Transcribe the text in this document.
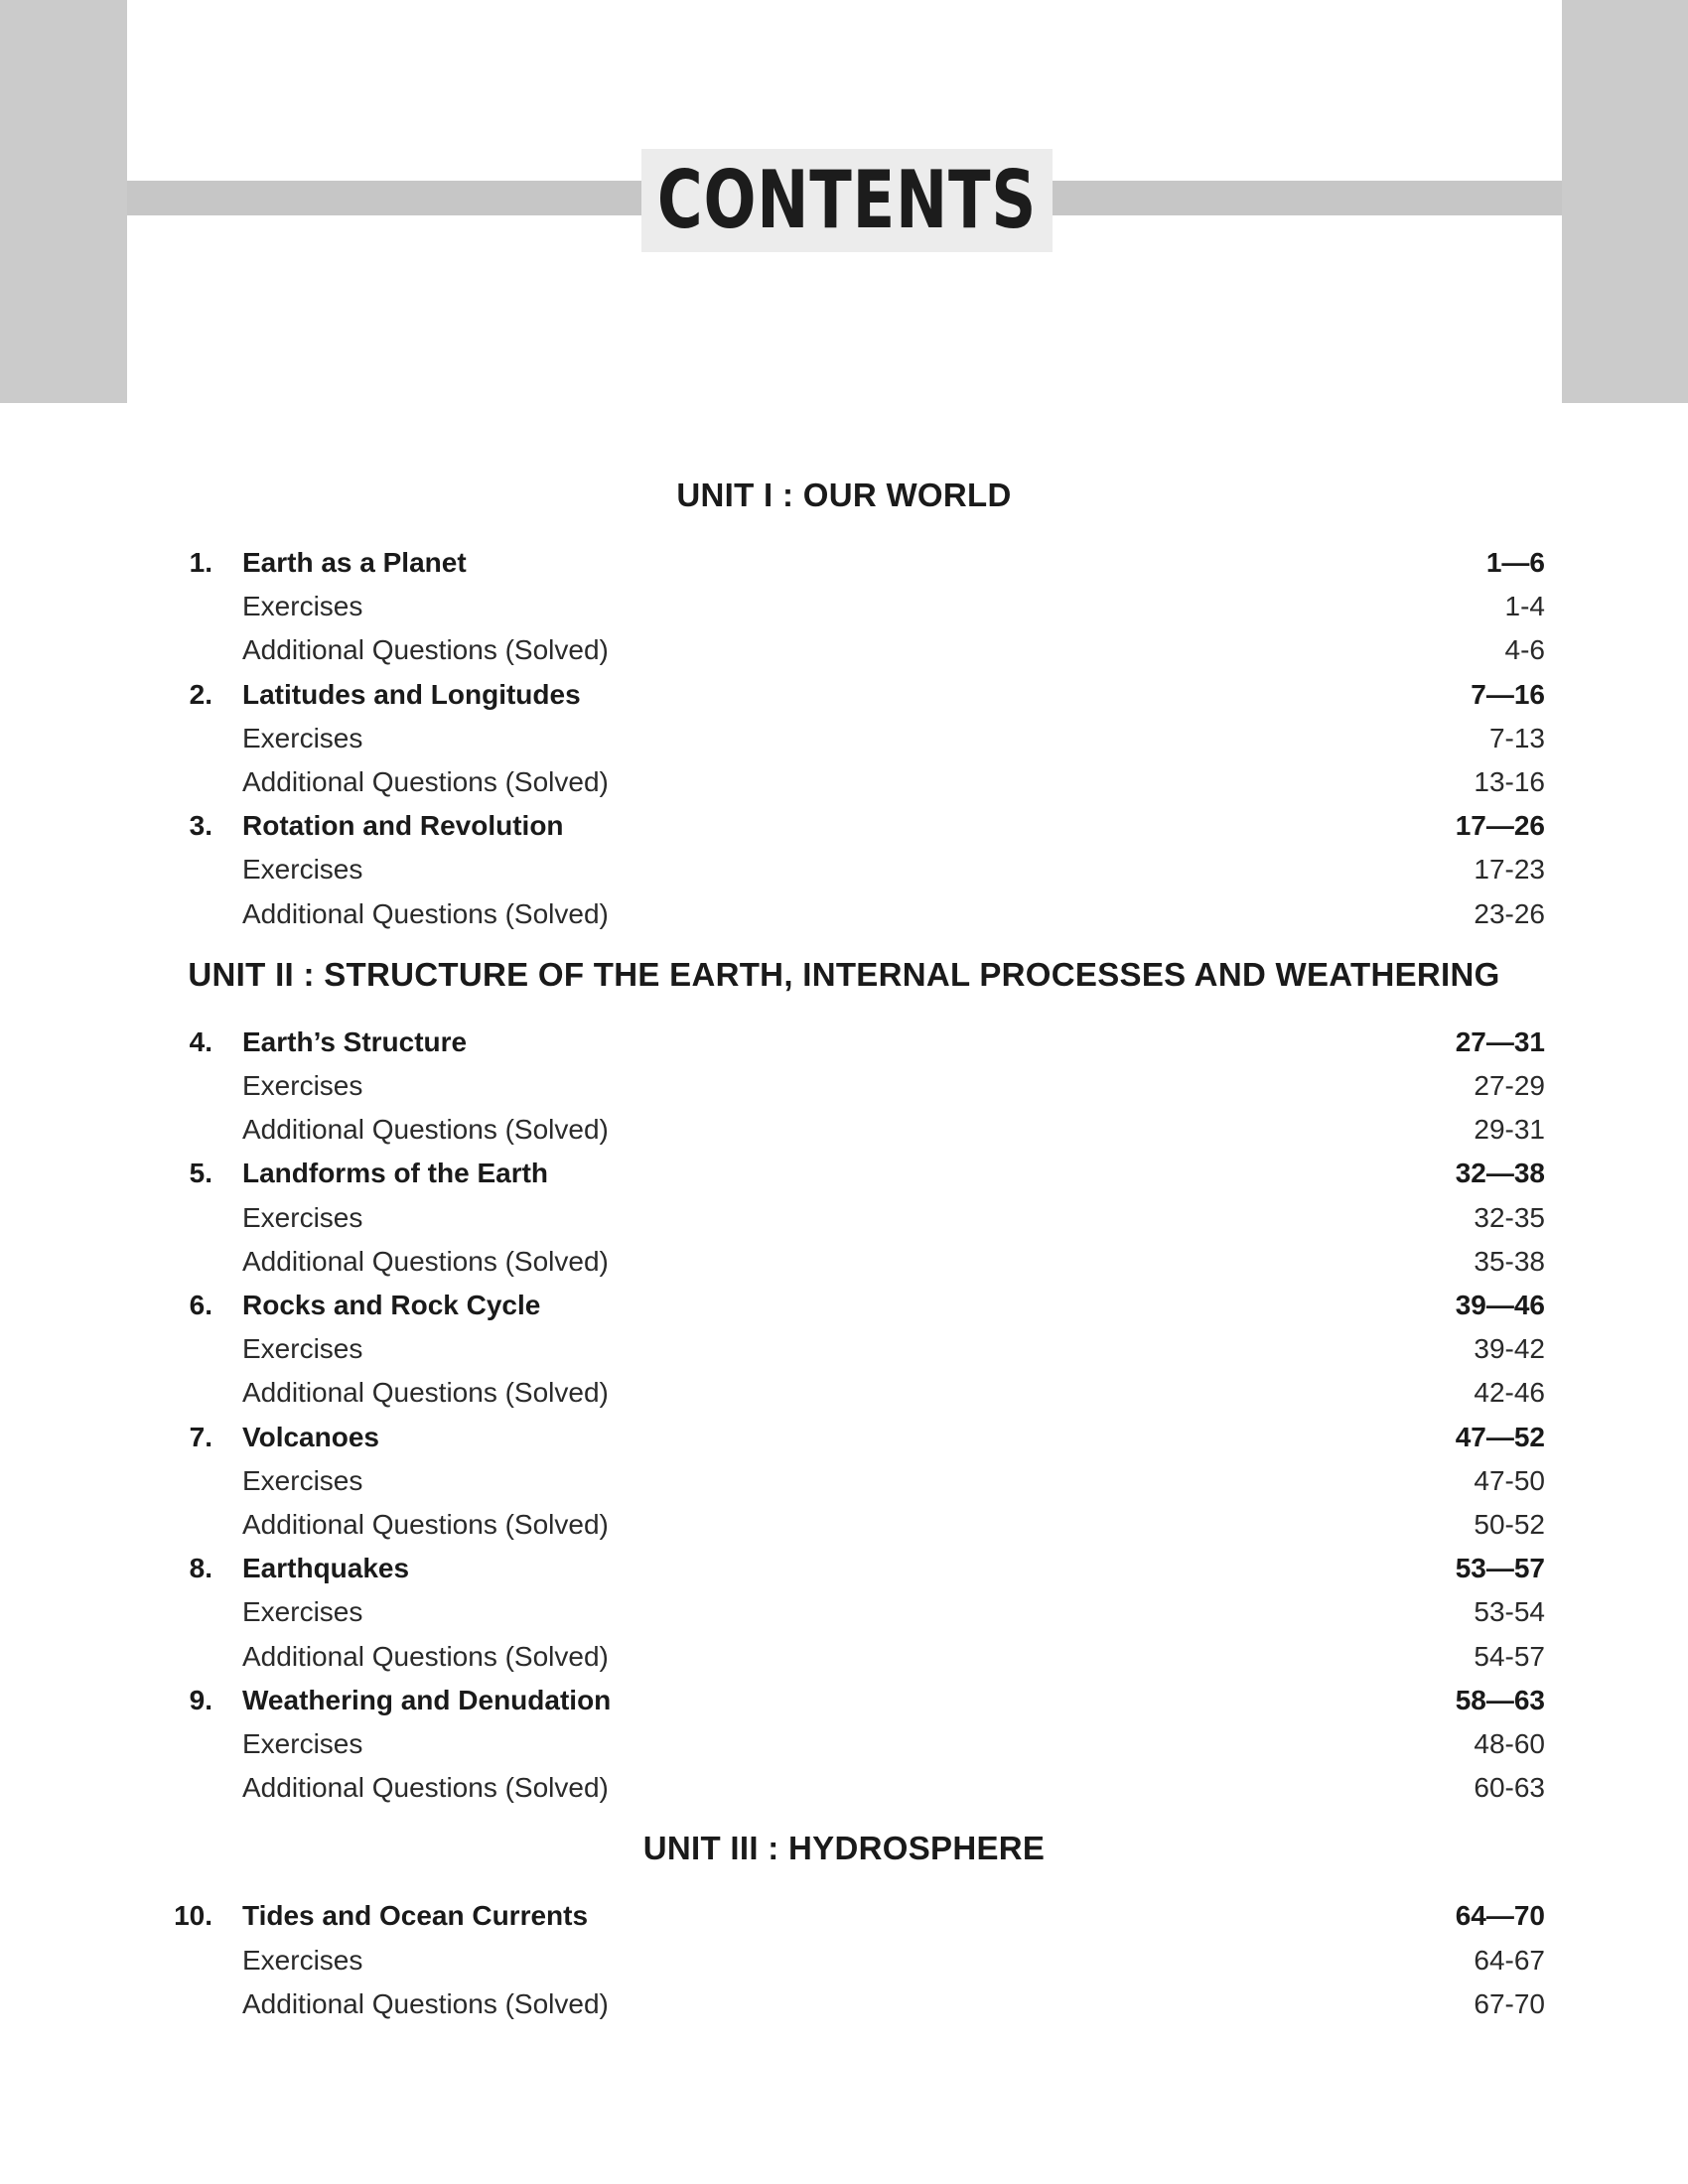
CONTENTS
UNIT I : OUR WORLD
1. Earth as a Planet	1—6
Exercises	1-4
Additional Questions (Solved)	4-6
2. Latitudes and Longitudes	7—16
Exercises	7-13
Additional Questions (Solved)	13-16
3. Rotation and Revolution	17—26
Exercises	17-23
Additional Questions (Solved)	23-26
UNIT II : STRUCTURE OF THE EARTH, INTERNAL PROCESSES AND WEATHERING
4. Earth’s Structure	27—31
Exercises	27-29
Additional Questions (Solved)	29-31
5. Landforms of the Earth	32—38
Exercises	32-35
Additional Questions (Solved)	35-38
6. Rocks and Rock Cycle	39—46
Exercises	39-42
Additional Questions (Solved)	42-46
7. Volcanoes	47—52
Exercises	47-50
Additional Questions (Solved)	50-52
8. Earthquakes	53—57
Exercises	53-54
Additional Questions (Solved)	54-57
9. Weathering and Denudation	58—63
Exercises	48-60
Additional Questions (Solved)	60-63
UNIT III : HYDROSPHERE
10. Tides and Ocean Currents	64—70
Exercises	64-67
Additional Questions (Solved)	67-70
